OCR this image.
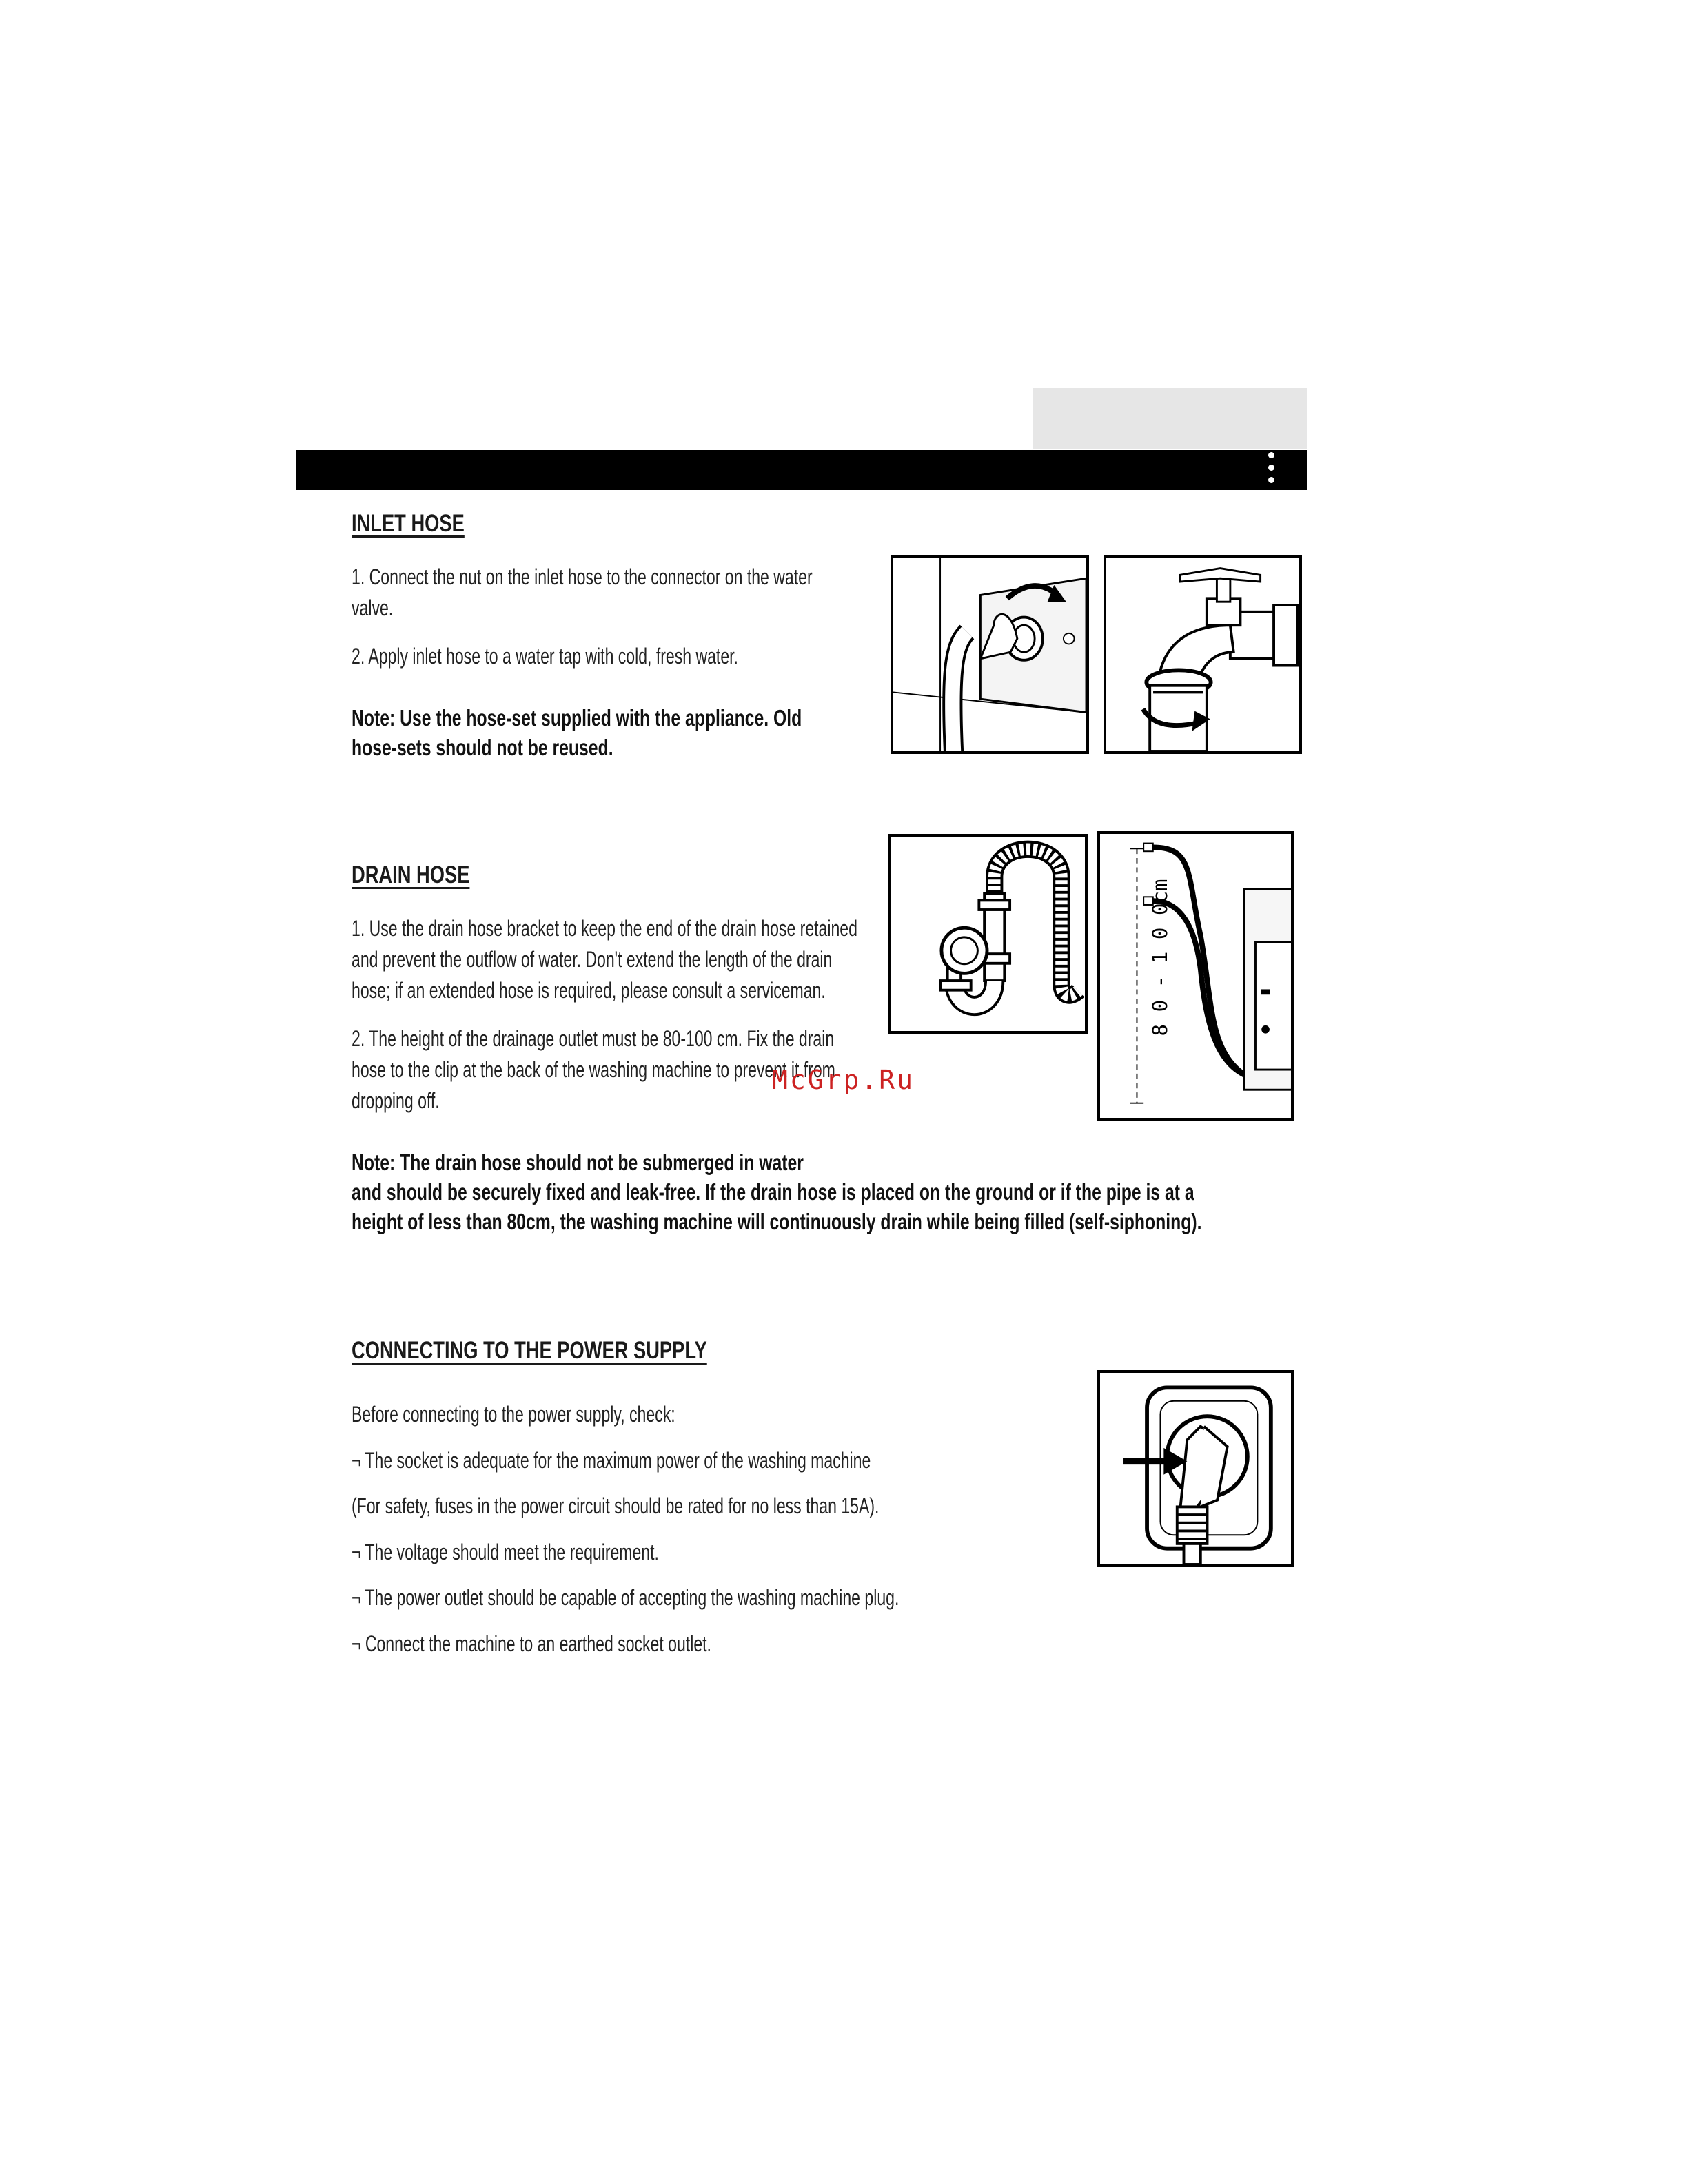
INLET HOSE
1. Connect the nut on the inlet hose to the connector on the water
valve.
2. Apply inlet hose to a water tap with cold, fresh water.
Note: Use the hose-set supplied with the appliance. Old
hose-sets should not be reused.
DRAIN HOSE
1. Use the drain hose bracket to keep the end of the drain hose retained
and prevent the outflow of water. Don't extend the length of the drain
hose; if an extended hose is required, please consult a serviceman.
2. The height of the drainage outlet must be 80-100 cm. Fix the drain
hose to the clip at the back of the washing machine to prevent it from
dropping off.
Note: The drain hose should not be submerged in water
and should be securely fixed and leak-free. If the drain hose is placed on the ground or if the pipe is at a
height of less than 80cm, the washing machine will continuously drain while being filled (self-siphoning).
8 0 - 1 0 0cm
McGrp.Ru
CONNECTING TO THE POWER SUPPLY
Before connecting to the power supply, check:
¬ The socket is adequate for the maximum power of the washing machine
(For safety, fuses in the power circuit should be rated for no less than 15A).
¬ The voltage should meet the requirement.
¬ The power outlet should be capable of accepting the washing machine plug.
¬ Connect the machine to an earthed socket outlet.
